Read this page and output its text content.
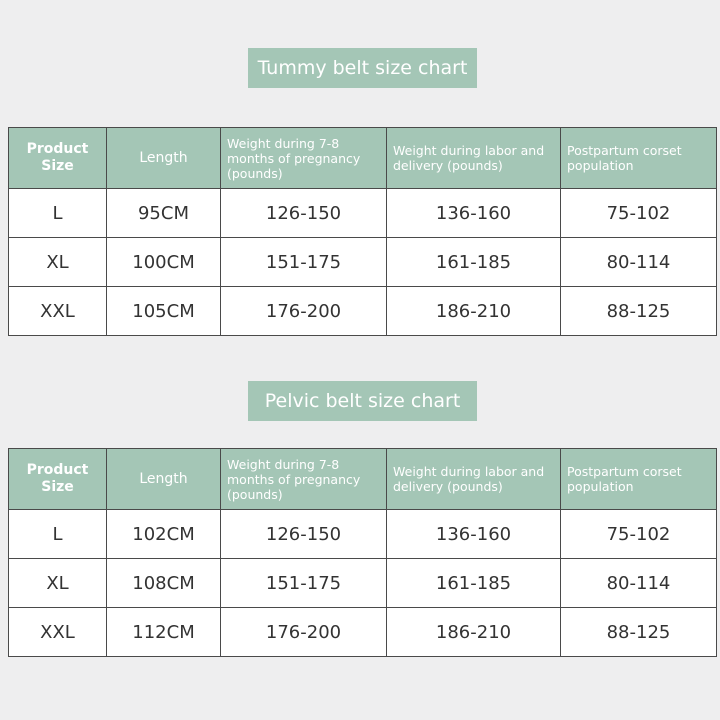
Tummy belt size chart
Product Size	Length	Weight during 7-8 months of pregnancy (pounds)	Weight during labor and delivery (pounds)	Postpartum corset population
L	95CM	126-150	136-160	75-102
XL	100CM	151-175	161-185	80-114
XXL	105CM	176-200	186-210	88-125
Pelvic belt size chart
Product Size	Length	Weight during 7-8 months of pregnancy (pounds)	Weight during labor and delivery (pounds)	Postpartum corset population
L	102CM	126-150	136-160	75-102
XL	108CM	151-175	161-185	80-114
XXL	112CM	176-200	186-210	88-125
